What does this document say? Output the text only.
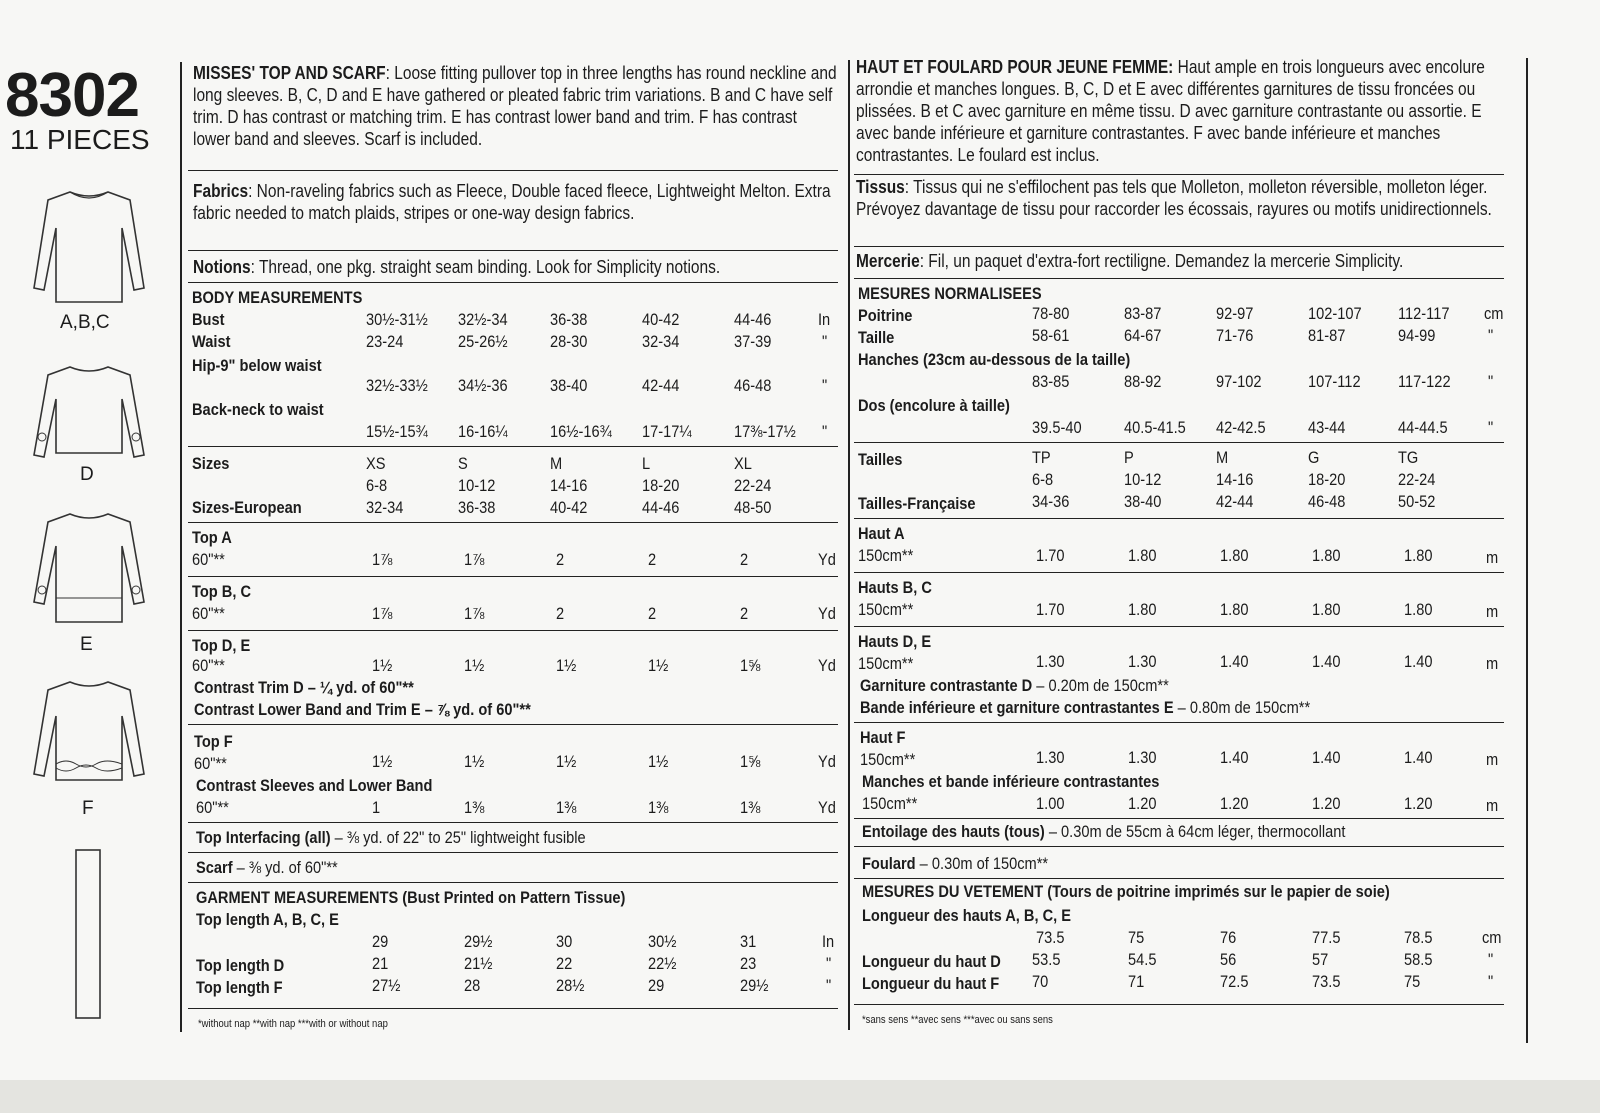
8302
11 PIECES
A,B,C
D
E
F
MISSES' TOP AND SCARF: Loose fitting pullover top in three lengths has round neckline and long sleeves. B, C, D and E have gathered or pleated fabric trim variations. B and C have self trim. D has contrast or matching trim. E has contrast lower band and trim. F has contrast lower band and sleeves. Scarf is included.
Fabrics: Non-raveling fabrics such as Fleece, Double faced fleece, Lightweight Melton. Extra fabric needed to match plaids, stripes or one-way design fabrics.
Notions: Thread, one pkg. straight seam binding. Look for Simplicity notions.
BODY MEASUREMENTS
Bust	30½-31½ 32½-34 36-38	40-42	44-46	In
Waist	23-24	25-26½ 28-30	32-34	37-39	"
Hip-9" below waist
32½-33½ 34½-36 38-40	42-44	46-48	"
Back-neck to waist
15½-15¾ 16-16¼ 16½-16¾ 17-17¼ 17⅜-17½ "
Sizes	XS	S	M	L	XL
6-8	10-12	14-16	18-20	22-24
Sizes-European	32-34	36-38	40-42	44-46	48-50
Top A
60"**	1⅞	1⅞	2	2	2	Yd
Top B, C
60"**	1⅞	1⅞	2	2	2	Yd
Top D, E
60"**	1½	1½	1½	1½	1⅝	Yd
Contrast Trim D – ¼ yd. of 60"**
Contrast Lower Band and Trim E – ⅞ yd. of 60"**
Top F
60"**	1½	1½	1½	1½	1⅝	Yd
Contrast Sleeves and Lower Band
60"**	1	1⅜	1⅜	1⅜	1⅜	Yd
Top Interfacing (all) – ⅜ yd. of 22" to 25" lightweight fusible
Scarf – ⅜ yd. of 60"**
GARMENT MEASUREMENTS (Bust Printed on Pattern Tissue)
Top length A, B, C, E
29	29½	30	30½	31	In
Top length D	21	21½	22	22½	23	"
Top length F	27½	28	28½	29	29½	"
*without nap **with nap ***with or without nap
HAUT ET FOULARD POUR JEUNE FEMME: Haut ample en trois longueurs avec encolure arrondie et manches longues. B, C, D et E avec différentes garnitures de tissu froncées ou plissées. B et C avec garniture en même tissu. D avec garniture contrastante ou assortie. E avec bande inférieure et garniture contrastantes. F avec bande inférieure et manches contrastantes. Le foulard est inclus.
Tissus: Tissus qui ne s'effilochent pas tels que Molleton, molleton réversible, molleton léger. Prévoyez davantage de tissu pour raccorder les écossais, rayures ou motifs unidirectionnels.
Mercerie: Fil, un paquet d'extra-fort rectiligne. Demandez la mercerie Simplicity.
MESURES NORMALISEES
Poitrine	78-80	83-87	92-97	102-107 112-117 cm
Taille	58-61	64-67	71-76	81-87	94-99	"
Hanches (23cm au-dessous de la taille)
83-85	88-92	97-102	107-112 117-122 "
Dos (encolure à taille)
39.5-40 40.5-41.5 42-42.5 43-44	44-44.5 "
Tailles	TP	P	M	G	TG
6-8	10-12	14-16	18-20	22-24
Tailles-Française	34-36	38-40	42-44	46-48	50-52
Haut A
150cm**	1.70	1.80	1.80	1.80	1.80	m
Hauts B, C
150cm**	1.70	1.80	1.80	1.80	1.80	m
Hauts D, E
150cm**	1.30	1.30	1.40	1.40	1.40	m
Garniture contrastante D – 0.20m de 150cm**
Bande inférieure et garniture contrastantes E – 0.80m de 150cm**
Haut F
150cm**	1.30	1.30	1.40	1.40	1.40	m
Manches et bande inférieure contrastantes
150cm**	1.00	1.20	1.20	1.20	1.20	m
Entoilage des hauts (tous) – 0.30m de 55cm à 64cm léger, thermocollant
Foulard – 0.30m of 150cm**
MESURES DU VETEMENT (Tours de poitrine imprimés sur le papier de soie)
Longueur des hauts A, B, C, E
73.5	75	76	77.5	78.5	cm
Longueur du haut D 53.5	54.5	56	57	58.5	"
Longueur du haut F 70	71	72.5	73.5	75	"
*sans sens **avec sens ***avec ou sans sens
